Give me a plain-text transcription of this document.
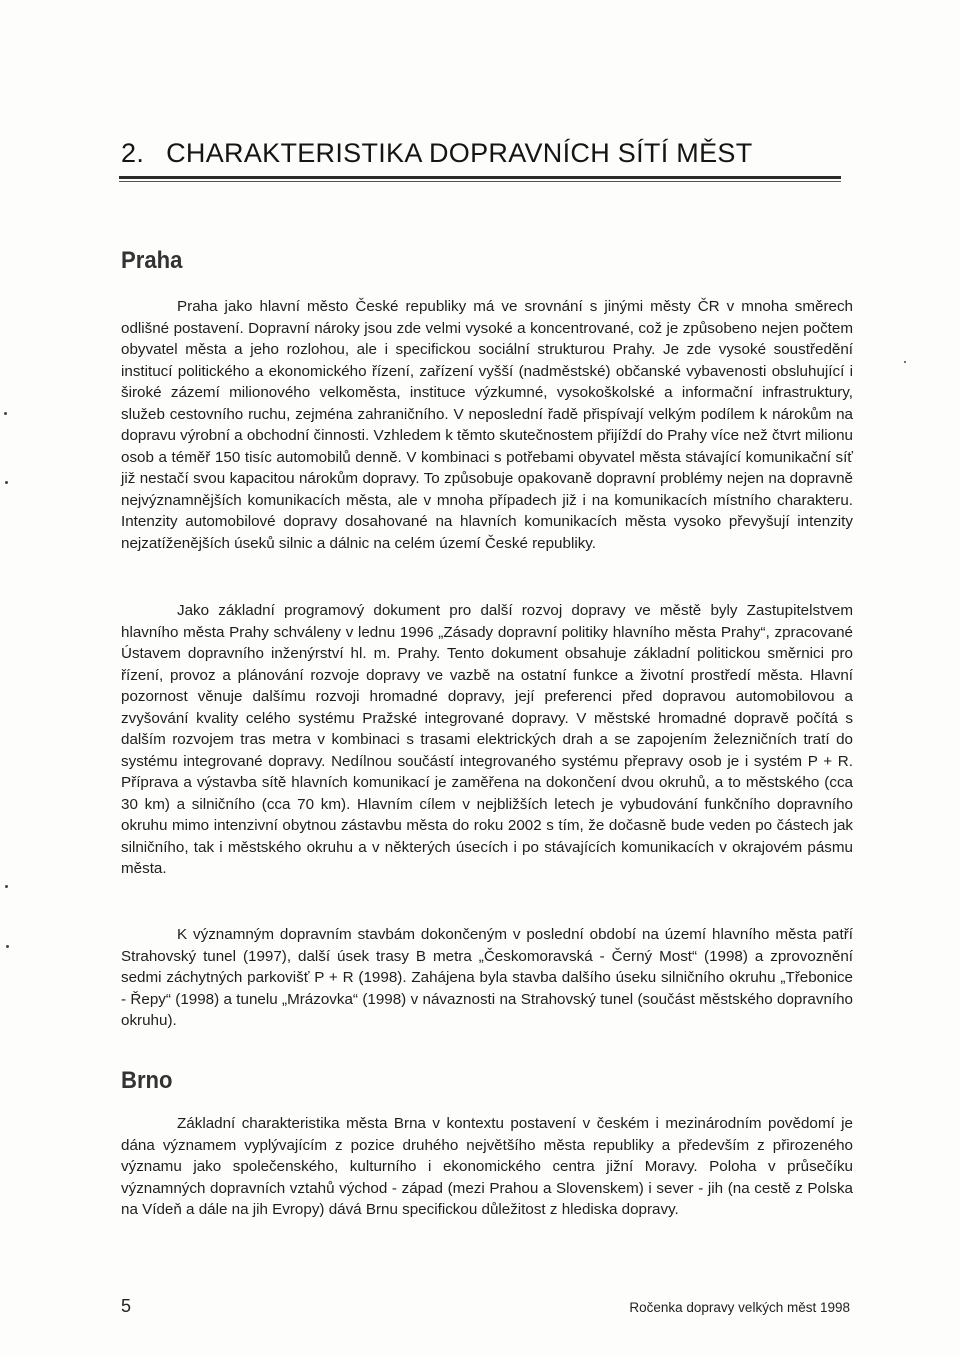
2. CHARAKTERISTIKA DOPRAVNÍCH SÍTÍ MĚST
Praha

Praha jako hlavní město České republiky má ve srovnání s jinými městy ČR v mnoha směrech odlišné postavení. Dopravní nároky jsou zde velmi vysoké a koncentrované, což je způsobeno nejen počtem obyvatel města a jeho rozlohou, ale i specifickou sociální strukturou Prahy. Je zde vysoké soustředění institucí politického a ekonomického řízení, zařízení vyšší (nadměstské) občanské vybavenosti obsluhující i široké zázemí milionového velkoměsta, instituce výzkumné, vysokoškolské a informační infrastruktury, služeb cestovního ruchu, zejména zahraničního. V neposlední řadě přispívají velkým podílem k nárokům na dopravu výrobní a obchodní činnosti. Vzhledem k těmto skutečnostem přijíždí do Prahy více než čtvrt milionu osob a téměř 150 tisíc automobilů denně. V kombinaci s potřebami obyvatel města stávající komunikační síť již nestačí svou kapacitou nárokům dopravy. To způsobuje opakovaně dopravní problémy nejen na dopravně nejvýznamnějších komunikacích města, ale v mnoha případech již i na komunikacích místního charakteru. Intenzity automobilové dopravy dosahované na hlavních komunikacích města vysoko převyšují intenzity nejzatíženějších úseků silnic a dálnic na celém území České republiky.

Jako základní programový dokument pro další rozvoj dopravy ve městě byly Zastupitelstvem hlavního města Prahy schváleny v lednu 1996 „Zásady dopravní politiky hlavního města Prahy“, zpracované Ústavem dopravního inženýrství hl. m. Prahy. Tento dokument obsahuje základní politickou směrnici pro řízení, provoz a plánování rozvoje dopravy ve vazbě na ostatní funkce a životní prostředí města. Hlavní pozornost věnuje dalšímu rozvoji hromadné dopravy, její preferenci před dopravou automobilovou a zvyšování kvality celého systému Pražské integrované dopravy. V městské hromadné dopravě počítá s dalším rozvojem tras metra v kombinaci s trasami elektrických drah a se zapojením železničních tratí do systému integrované dopravy. Nedílnou součástí integrovaného systému přepravy osob je i systém P + R. Příprava a výstavba sítě hlavních komunikací je zaměřena na dokončení dvou okruhů, a to městského (cca 30 km) a silničního (cca 70 km). Hlavním cílem v nejbližších letech je vybudování funkčního dopravního okruhu mimo intenzivní obytnou zástavbu města do roku 2002 s tím, že dočasně bude veden po částech jak silničního, tak i městského okruhu a v některých úsecích i po stávajících komunikacích v okrajovém pásmu města.

K významným dopravním stavbám dokončeným v poslední období na území hlavního města patří Strahovský tunel (1997), další úsek trasy B metra „Českomoravská - Černý Most“ (1998) a zprovoznění sedmi záchytných parkovišť P + R (1998). Zahájena byla stavba dalšího úseku silničního okruhu „Třebonice - Řepy“ (1998) a tunelu „Mrázovka“ (1998) v návaznosti na Strahovský tunel (součást městského dopravního okruhu).

Brno

Základní charakteristika města Brna v kontextu postavení v českém i mezinárodním povědomí je dána významem vyplývajícím z pozice druhého největšího města republiky a především z přirozeného významu jako společenského, kulturního i ekonomického centra jižní Moravy. Poloha v průsečíku významných dopravních vztahů východ - západ (mezi Prahou a Slovenskem) i sever - jih (na cestě z Polska na Vídeň a dále na jih Evropy) dává Brnu specifickou důležitost z hlediska dopravy.

5	Ročenka dopravy velkých měst 1998
